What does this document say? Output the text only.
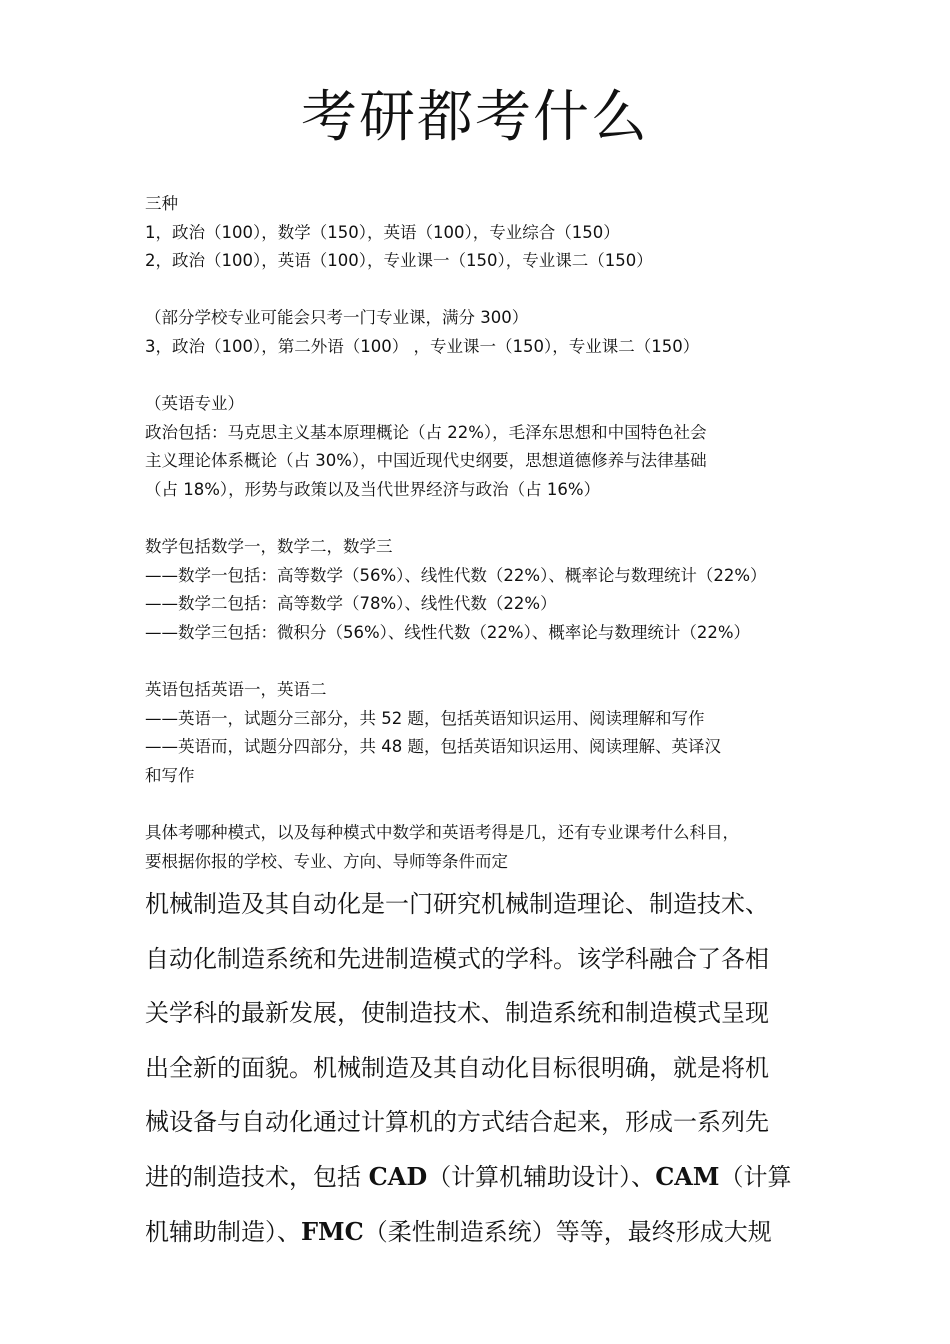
考研都考什么
三种
1，政治（100），数学（150），英语（100），专业综合（150）
2，政治（100），英语（100），专业课一（150），专业课二（150）
（部分学校专业可能会只考一门专业课，满分 300）
3，政治（100），第二外语（100） ，专业课一（150），专业课二（150）
（英语专业）
政治包括：马克思主义基本原理概论（占 22%），毛泽东思想和中国特色社会
主义理论体系概论（占 30%），中国近现代史纲要，思想道德修养与法律基础
（占 18%），形势与政策以及当代世界经济与政治（占 16%）
数学包括数学一，数学二，数学三
——数学一包括：高等数学（56%）、线性代数（22%）、概率论与数理统计（22%）
——数学二包括：高等数学（78%）、线性代数（22%）
——数学三包括：微积分（56%）、线性代数（22%）、概率论与数理统计（22%）
英语包括英语一，英语二
——英语一，试题分三部分，共 52 题，包括英语知识运用、阅读理解和写作
——英语而，试题分四部分，共 48 题，包括英语知识运用、阅读理解、英译汉
和写作
具体考哪种模式，以及每种模式中数学和英语考得是几，还有专业课考什么科目，
要根据你报的学校、专业、方向、导师等条件而定
机械制造及其自动化是一门研究机械制造理论、制造技术、
自动化制造系统和先进制造模式的学科。该学科融合了各相
关学科的最新发展，使制造技术、制造系统和制造模式呈现
出全新的面貌。机械制造及其自动化目标很明确，就是将机
械设备与自动化通过计算机的方式结合起来，形成一系列先
进的制造技术，包括 CAD（计算机辅助设计）、CAM（计算
机辅助制造）、FMC（柔性制造系统）等等，最终形成大规
